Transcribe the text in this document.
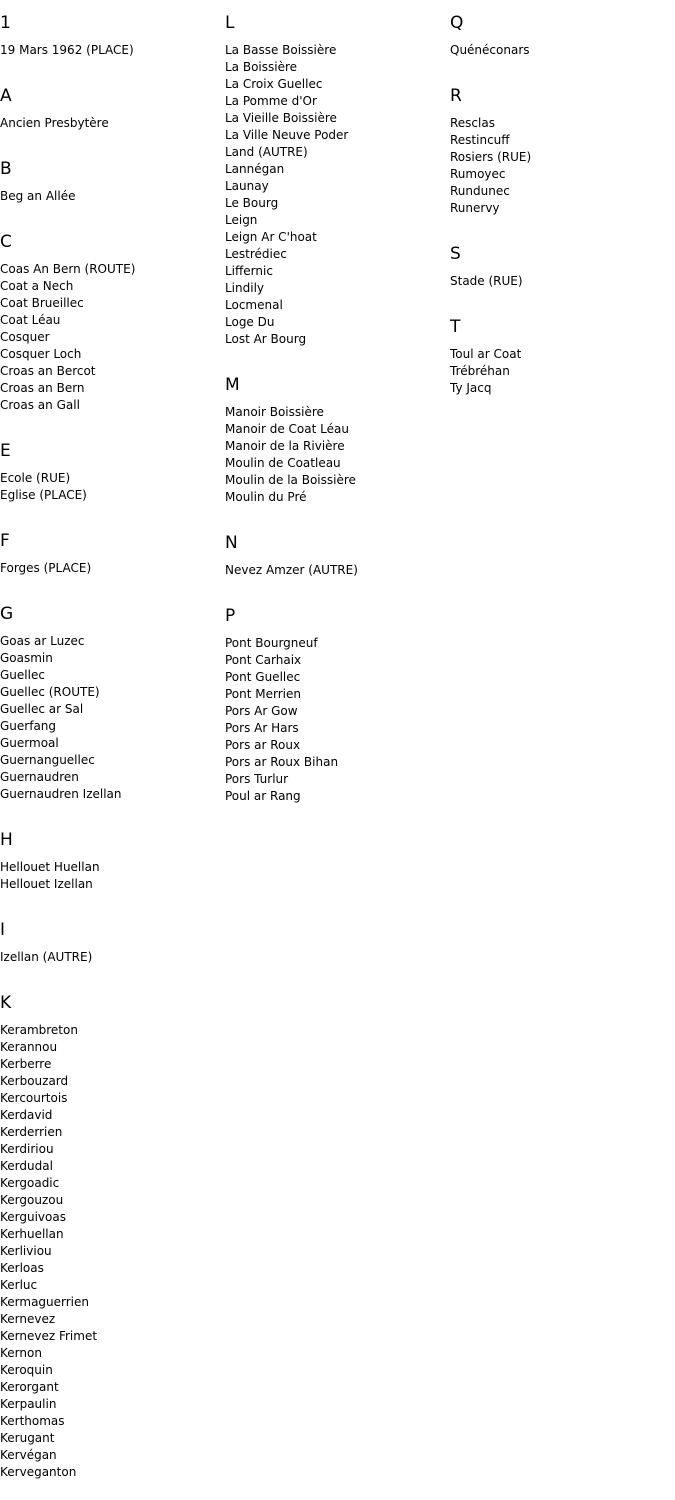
1
19 Mars 1962 (PLACE)
A
Ancien Presbytère
B
Beg an Allée
C
Coas An Bern (ROUTE)
Coat a Nech
Coat Brueillec
Coat Léau
Cosquer
Cosquer Loch
Croas an Bercot
Croas an Bern
Croas an Gall
E
Ecole (RUE)
Eglise (PLACE)
F
Forges (PLACE)
G
Goas ar Luzec
Goasmin
Guellec
Guellec (ROUTE)
Guellec ar Sal
Guerfang
Guermoal
Guernanguellec
Guernaudren
Guernaudren Izellan
H
Hellouet Huellan
Hellouet Izellan
I
Izellan (AUTRE)
K
Kerambreton
Kerannou
Kerberre
Kerbouzard
Kercourtois
Kerdavid
Kerderrien
Kerdiriou
Kerdudal
Kergoadic
Kergouzou
Kerguivoas
Kerhuellan
Kerliviou
Kerloas
Kerluc
Kermaguerrien
Kernevez
Kernevez Frimet
Kernon
Keroquin
Kerorgant
Kerpaulin
Kerthomas
Kerugant
Kervégan
Kerveganton
L
La Basse Boissière
La Boissière
La Croix Guellec
La Pomme d'Or
La Vieille Boissière
La Ville Neuve Poder
Land (AUTRE)
Lannégan
Launay
Le Bourg
Leign
Leign Ar C'hoat
Lestrédiec
Liffernic
Lindily
Locmenal
Loge Du
Lost Ar Bourg
M
Manoir Boissière
Manoir de Coat Léau
Manoir de la Rivière
Moulin de Coatleau
Moulin de la Boissière
Moulin du Pré
N
Nevez Amzer (AUTRE)
P
Pont Bourgneuf
Pont Carhaix
Pont Guellec
Pont Merrien
Pors Ar Gow
Pors Ar Hars
Pors ar Roux
Pors ar Roux Bihan
Pors Turlur
Poul ar Rang
Q
Quénéconars
R
Resclas
Restincuff
Rosiers (RUE)
Rumoyec
Rundunec
Runervy
S
Stade (RUE)
T
Toul ar Coat
Trébréhan
Ty Jacq
